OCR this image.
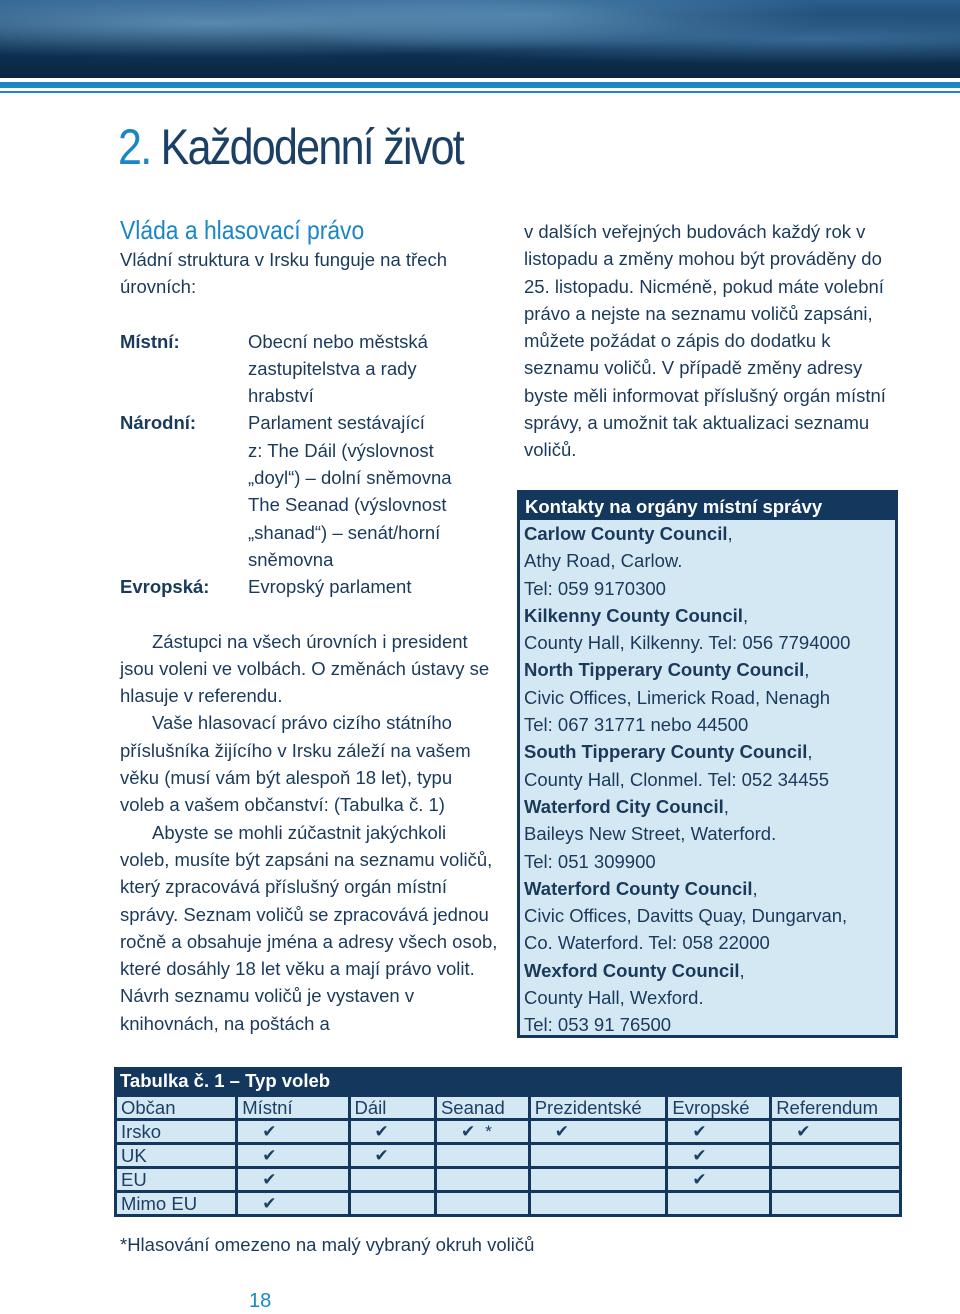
2. Každodenní život
Vláda a hlasovací právo

Vládní struktura v Irsku funguje na třech úrovních:

Místní:	Obecní nebo městská
zastupitelstva a rady
hrabství
Národní:	Parlament sestávající
z: The Dáil (výslovnost
„doyl“) – dolní sněmovna
The Seanad (výslovnost
„shanad“) – senát/horní
sněmovna
Evropská:	Evropský parlament

Zástupci na všech úrovních i president jsou voleni ve volbách. O změnách ústavy se hlasuje v referendu.

Vaše hlasovací právo cizího státního příslušníka žijícího v Irsku záleží na vašem věku (musí vám být alespoň 18 let), typu voleb a vašem občanství: (Tabulka č. 1)

Abyste se mohli zúčastnit jakýchkoli voleb, musíte být zapsáni na seznamu voličů, který zpracovává příslušný orgán místní správy. Seznam voličů se zpracovává jednou ročně a obsahuje jména a adresy všech osob, které dosáhly 18 let věku a mají právo volit. Návrh seznamu voličů je vystaven v knihovnách, na poštách a

v dalších veřejných budovách každý rok v listopadu a změny mohou být prováděny do 25. listopadu. Nicméně, pokud máte volební právo a nejste na seznamu voličů zapsáni, můžete požádat o zápis do dodatku k seznamu voličů. V případě změny adresy byste měli informovat příslušný orgán místní správy, a umožnit tak aktualizaci seznamu voličů.

Kontakty na orgány místní správy
Carlow County Council,
Athy Road, Carlow.
Tel: 059 9170300
Kilkenny County Council,
County Hall, Kilkenny. Tel: 056 7794000
North Tipperary County Council,
Civic Offices, Limerick Road, Nenagh
Tel: 067 31771 nebo 44500
South Tipperary County Council,
County Hall, Clonmel. Tel: 052 34455
Waterford City Council,
Baileys New Street, Waterford.
Tel: 051 309900
Waterford County Council,
Civic Offices, Davitts Quay, Dungarvan,
Co. Waterford. Tel: 058 22000
Wexford County Council,
County Hall, Wexford.
Tel: 053 91 76500
Tabulka č. 1 – Typ voleb
Občan	Místní	Dáil	Seanad	Prezidentské	Evropské	Referendum
Irsko	✔	✔	✔ *	✔	✔	✔
UK	✔	✔			✔	
EU	✔				✔	
Mimo EU	✔					
*Hlasování omezeno na malý vybraný okruh voličů
18
